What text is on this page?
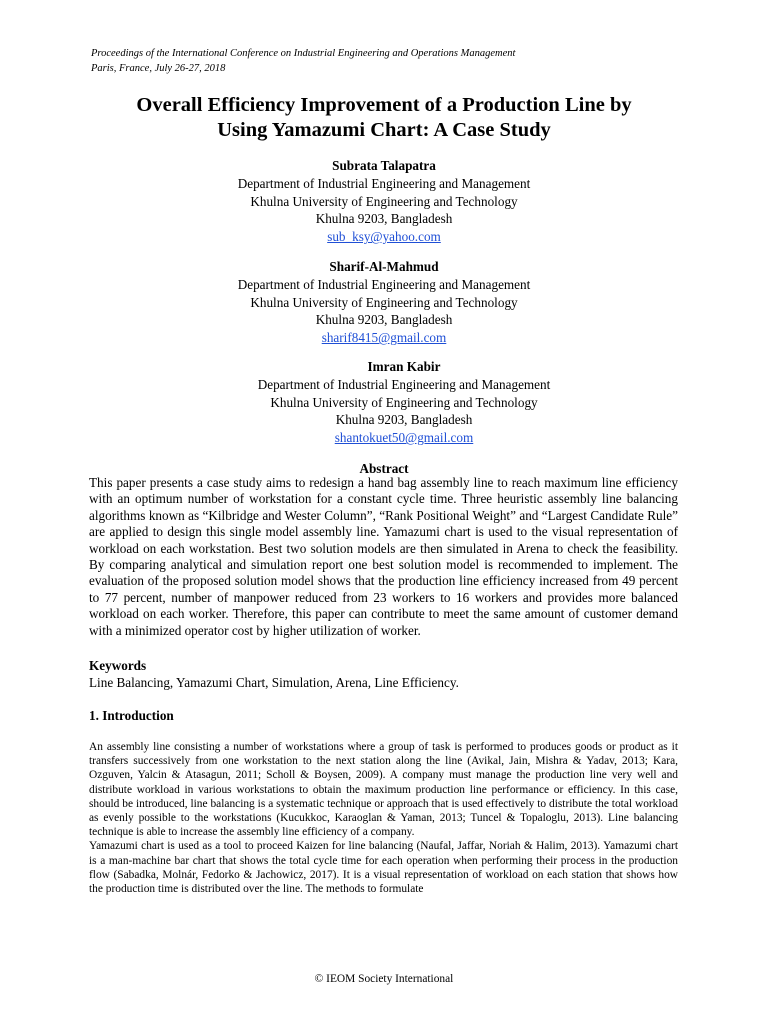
Proceedings of the International Conference on Industrial Engineering and Operations Management
Paris, France, July 26-27, 2018
Overall Efficiency Improvement of a Production Line by
Using Yamazumi Chart: A Case Study
Subrata Talapatra
Department of Industrial Engineering and Management
Khulna University of Engineering and Technology
Khulna 9203, Bangladesh
sub_ksy@yahoo.com
Sharif-Al-Mahmud
Department of Industrial Engineering and Management
Khulna University of Engineering and Technology
Khulna 9203, Bangladesh
sharif8415@gmail.com
Imran Kabir
Department of Industrial Engineering and Management
Khulna University of Engineering and Technology
Khulna 9203, Bangladesh
shantokuet50@gmail.com
Abstract
This paper presents a case study aims to redesign a hand bag assembly line to reach maximum line efficiency with an optimum number of workstation for a constant cycle time. Three heuristic assembly line balancing algorithms known as “Kilbridge and Wester Column”, “Rank Positional Weight” and “Largest Candidate Rule” are applied to design this single model assembly line. Yamazumi chart is used to the visual representation of workload on each workstation. Best two solution models are then simulated in Arena to check the feasibility. By comparing analytical and simulation report one best solution model is recommended to implement. The evaluation of the proposed solution model shows that the production line efficiency increased from 49 percent to 77 percent, number of manpower reduced from 23 workers to 16 workers and provides more balanced workload on each worker. Therefore, this paper can contribute to meet the same amount of customer demand with a minimized operator cost by higher utilization of worker.
Keywords
Line Balancing, Yamazumi Chart, Simulation, Arena, Line Efficiency.
1. Introduction

An assembly line consisting a number of workstations where a group of task is performed to produces goods or product as it transfers successively from one workstation to the next station along the line (Avikal, Jain, Mishra & Yadav, 2013; Kara, Ozguven, Yalcin & Atasagun, 2011; Scholl & Boysen, 2009). A company must manage the production line very well and distribute workload in various workstations to obtain the maximum production line performance or efficiency. In this case, should be introduced, line balancing is a systematic technique or approach that is used effectively to distribute the total workload as evenly possible to the workstations (Kucukkoc, Karaoglan & Yaman, 2013; Tuncel & Topaloglu, 2013). Line balancing technique is able to increase the assembly line efficiency of a company.

Yamazumi chart is used as a tool to proceed Kaizen for line balancing (Naufal, Jaffar, Noriah & Halim, 2013). Yamazumi chart is a man-machine bar chart that shows the total cycle time for each operation when performing their process in the production flow (Sabadka, Molnár, Fedorko & Jachowicz, 2017). It is a visual representation of workload on each station that shows how the production time is distributed over the line. The methods to formulate

© IEOM Society International
